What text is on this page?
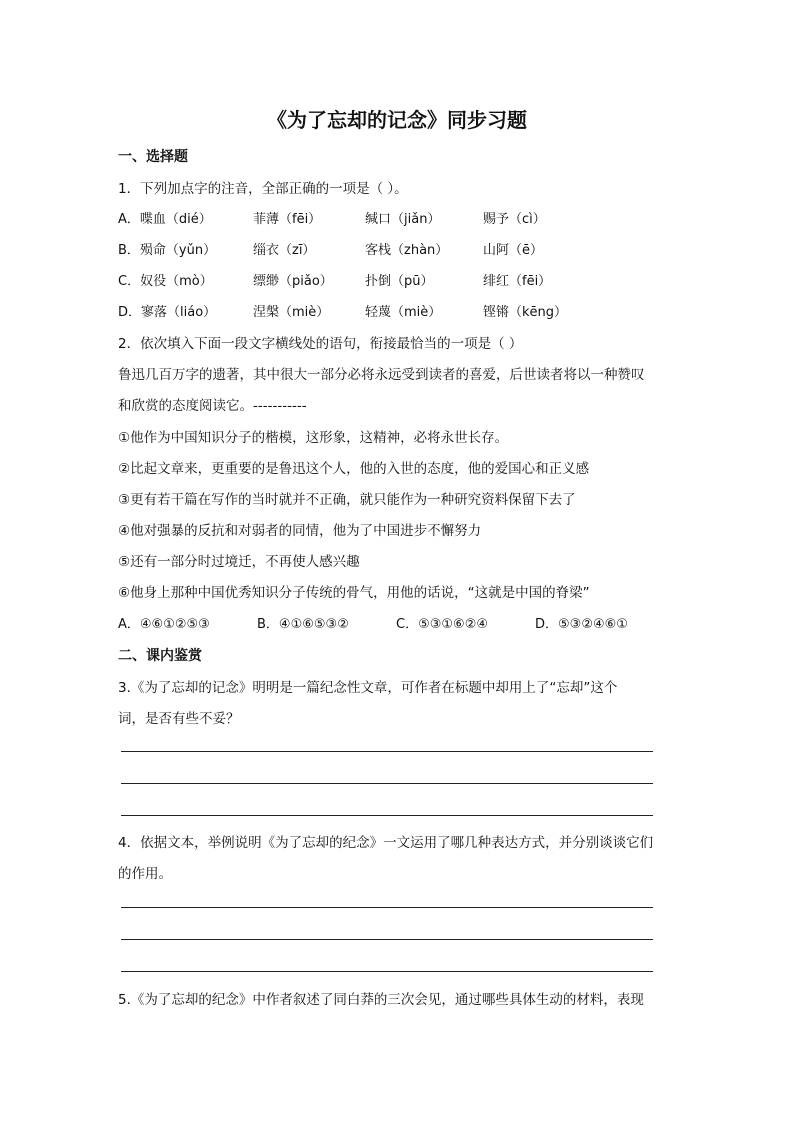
《为了忘却的记念》同步习题
一、选择题
1．下列加点字的注音，全部正确的一项是（ ）。
A．喋血（dié）	菲薄（fēi）	缄口（jiǎn）	赐予（cì）
B．殒命（yǔn）	缁衣（zī）	客栈（zhàn）	山阿（ē）
C．奴役（mò）	缥缈（piǎo） 扑倒（pū）	绯红（fēi）
D．寥落（liáo）	涅槃（miè）	轻蔑（miè）	铿锵（kēng）
2．依次填入下面一段文字横线处的语句，衔接最恰当的一项是（ ）
鲁迅几百万字的遗著，其中很大一部分必将永远受到读者的喜爱，后世读者将以一种赞叹
和欣赏的态度阅读它。-----------
①他作为中国知识分子的楷模，这形象，这精神，必将永世长存。
②比起文章来，更重要的是鲁迅这个人，他的入世的态度，他的爱国心和正义感
③更有若干篇在写作的当时就并不正确，就只能作为一种研究资料保留下去了
④他对强暴的反抗和对弱者的同情，他为了中国进步不懈努力
⑤还有一部分时过境迁，不再使人感兴趣
⑥他身上那种中国优秀知识分子传统的骨气，用他的话说，“这就是中国的脊梁”
A．④⑥①②⑤③	B．④①⑥⑤③②	C．⑤③①⑥②④	D．⑤③②④⑥①
二、课内鉴赏
3.《为了忘却的记念》明明是一篇纪念性文章，可作者在标题中却用上了“忘却”这个
词，是否有些不妥？
4．依据文本，举例说明《为了忘却的纪念》一文运用了哪几种表达方式，并分别谈谈它们
的作用。
5.《为了忘却的纪念》中作者叙述了同白莽的三次会见，通过哪些具体生动的材料，表现
